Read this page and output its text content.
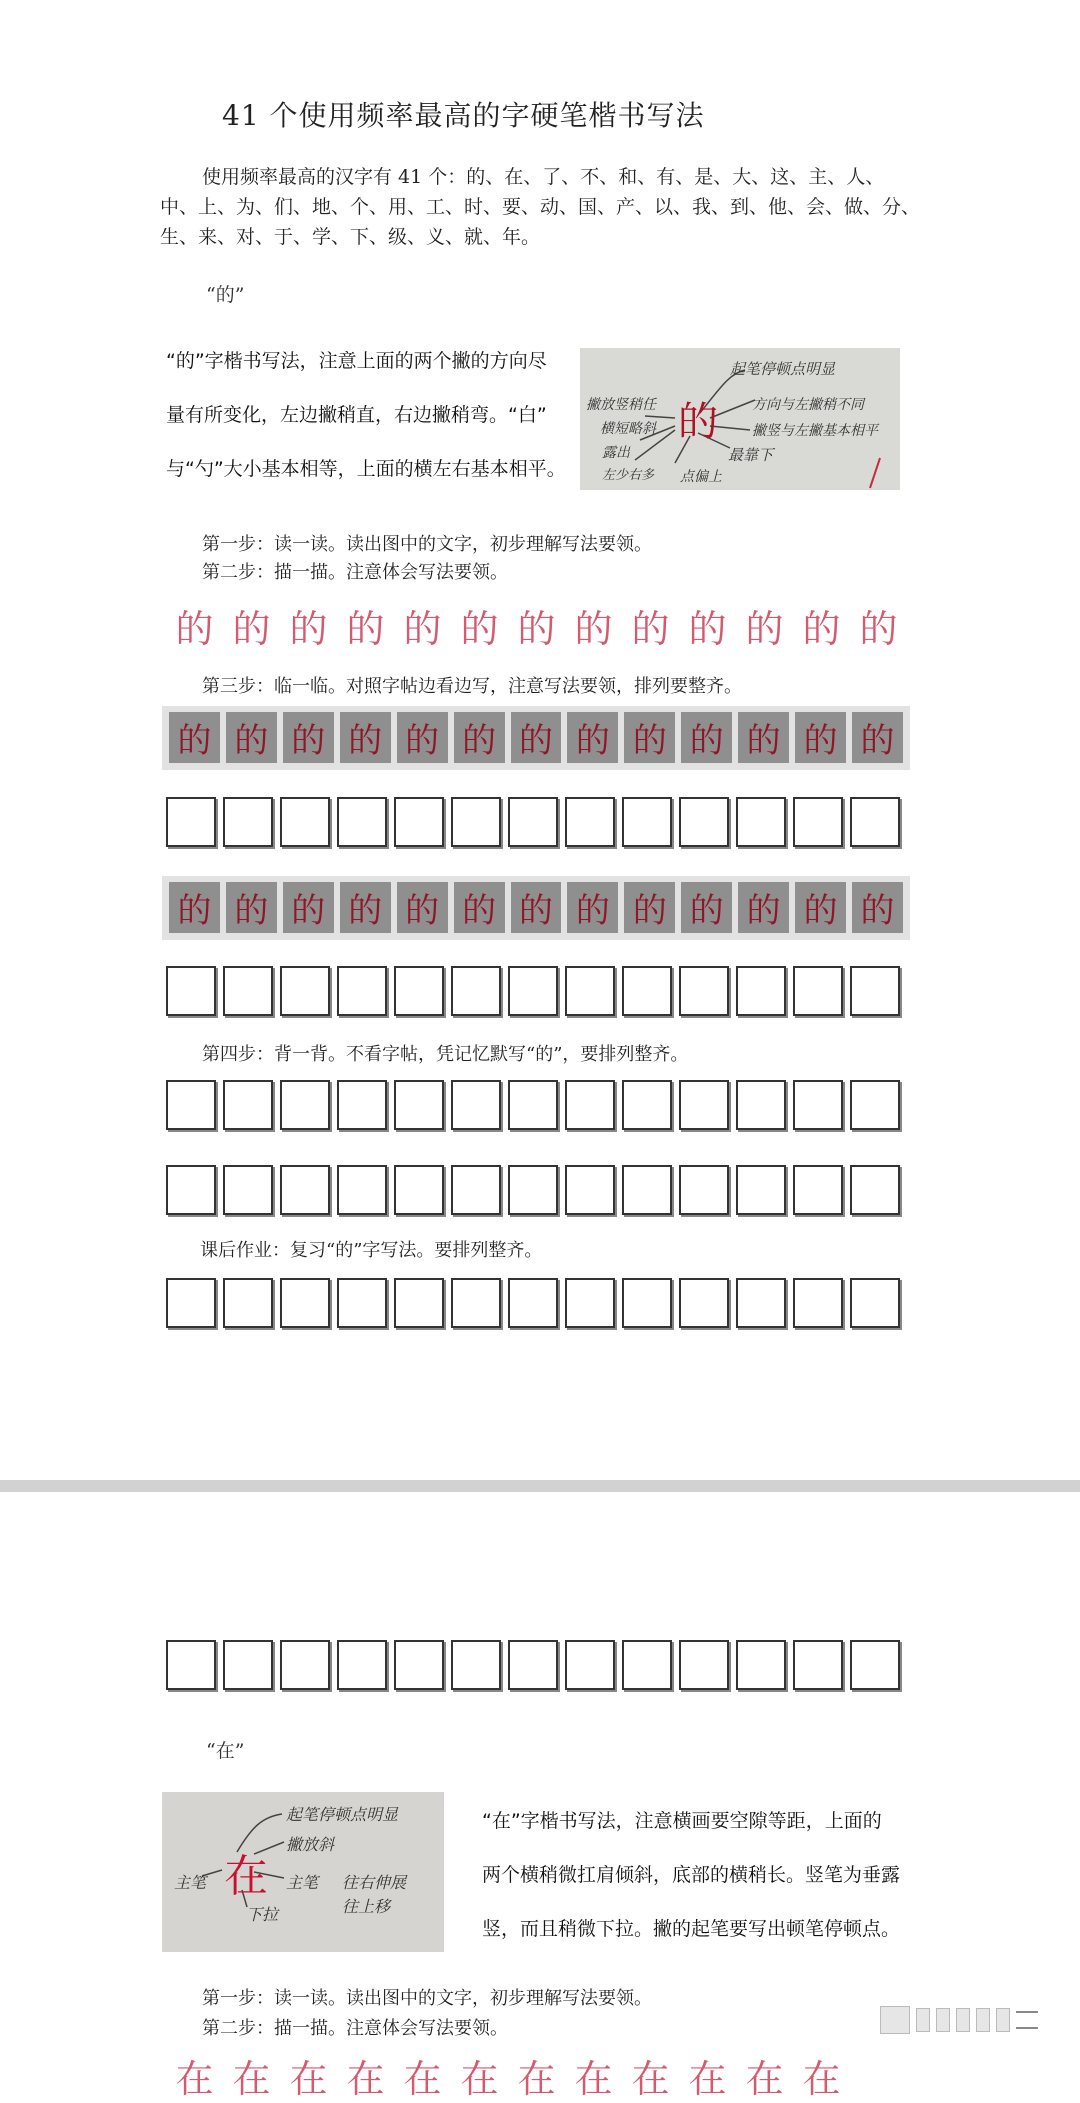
41 个使用频率最高的字硬笔楷书写法

使用频率最高的汉字有 41 个：的、在、了、不、和、有、是、大、这、主、人、中、上、为、们、地、个、用、工、时、要、动、国、产、以、我、到、他、会、做、分、生、来、对、于、学、下、级、义、就、年。

“的”
“的”字楷书写法，注意上面的两个撇的方向尽
量有所变化，左边撇稍直，右边撇稍弯。“白”
与“勺”大小基本相等，上面的横左右基本相平。
的
起笔停顿点明显
撇放竖稍任
横短略斜
方向与左撇稍不同
露出
撇竖与左撇基本相平
左少右多
最靠下
点偏上
第一步：读一读。读出图中的文字，初步理解写法要领。
第二步：描一描。注意体会写法要领。
的 的 的 的 的 的 的 的 的 的 的 的 的
第三步：临一临。对照字帖边看边写，注意写法要领，排列要整齐。
的 的 的 的 的 的 的 的 的 的 的 的 的
的 的 的 的 的 的 的 的 的 的 的 的 的
第四步：背一背。不看字帖，凭记忆默写“的”，要排列整齐。
课后作业：复习“的”字写法。要排列整齐。
“在”
在
起笔停顿点明显
撇放斜
主笔	主笔 往右伸展
下拉	往上移
“在”字楷书写法，注意横画要空隙等距，上面的
两个横稍微扛肩倾斜，底部的横稍长。竖笔为垂露
竖，而且稍微下拉。撇的起笔要写出顿笔停顿点。
第一步：读一读。读出图中的文字，初步理解写法要领。
第二步：描一描。注意体会写法要领。
在 在 在 在 在 在 在 在 在 在 在 在
